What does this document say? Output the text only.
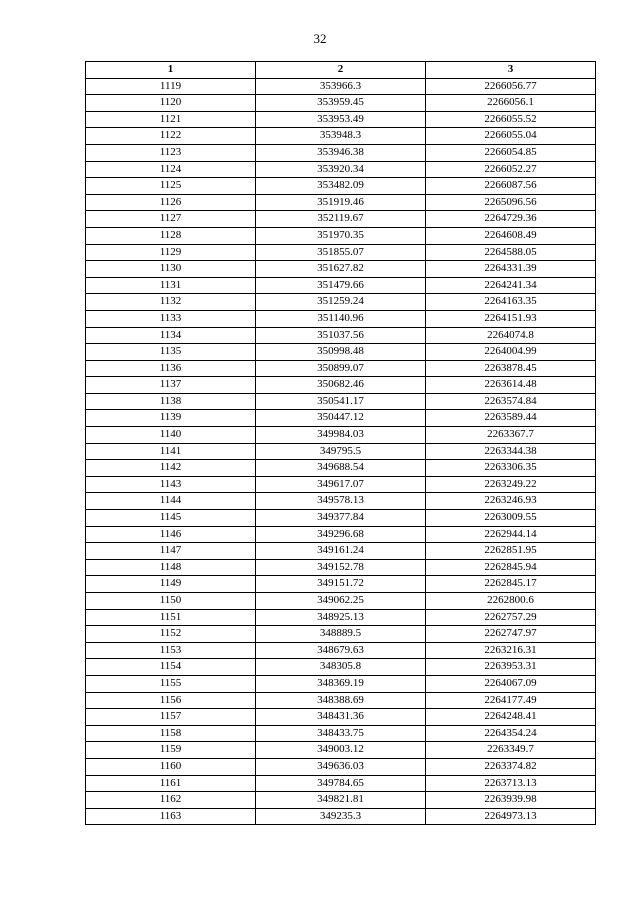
32
1	2	3
1119	353966.3	2266056.77
1120	353959.45	2266056.1
1121	353953.49	2266055.52
1122	353948.3	2266055.04
1123	353946.38	2266054.85
1124	353920.34	2266052.27
1125	353482.09	2266087.56
1126	351919.46	2265096.56
1127	352119.67	2264729.36
1128	351970.35	2264608.49
1129	351855.07	2264588.05
1130	351627.82	2264331.39
1131	351479.66	2264241.34
1132	351259.24	2264163.35
1133	351140.96	2264151.93
1134	351037.56	2264074.8
1135	350998.48	2264004.99
1136	350899.07	2263878.45
1137	350682.46	2263614.48
1138	350541.17	2263574.84
1139	350447.12	2263589.44
1140	349984.03	2263367.7
1141	349795.5	2263344.38
1142	349688.54	2263306.35
1143	349617.07	2263249.22
1144	349578.13	2263246.93
1145	349377.84	2263009.55
1146	349296.68	2262944.14
1147	349161.24	2262851.95
1148	349152.78	2262845.94
1149	349151.72	2262845.17
1150	349062.25	2262800.6
1151	348925.13	2262757.29
1152	348889.5	2262747.97
1153	348679.63	2263216.31
1154	348305.8	2263953.31
1155	348369.19	2264067.09
1156	348388.69	2264177.49
1157	348431.36	2264248.41
1158	348433.75	2264354.24
1159	349003.12	2263349.7
1160	349636.03	2263374.82
1161	349784.65	2263713.13
1162	349821.81	2263939.98
1163	349235.3	2264973.13
